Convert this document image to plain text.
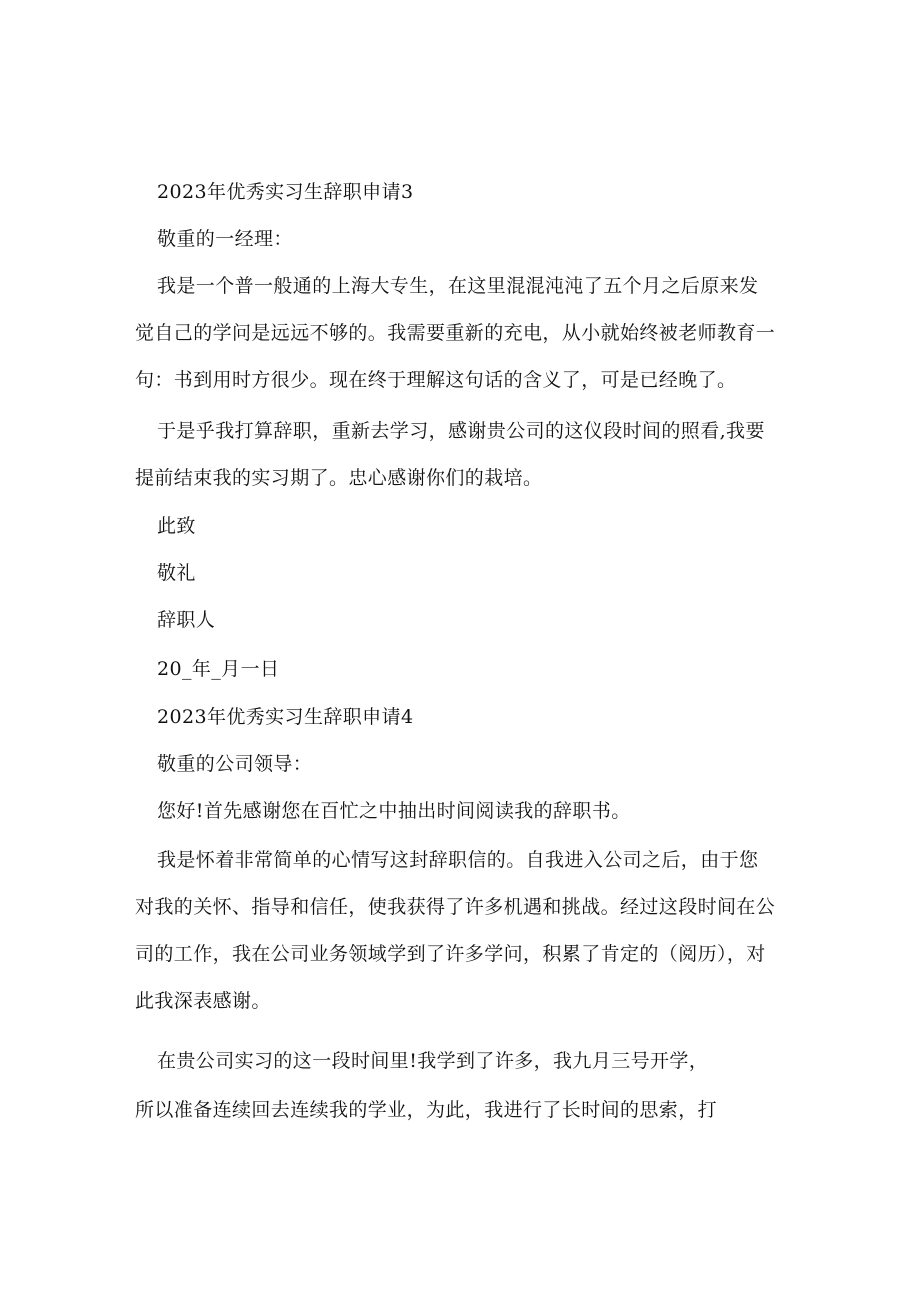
2023年优秀实习生辞职申请3
敬重的一经理：
我是一个普一般通的上海大专生，在这里混混沌沌了五个月之后原来发
觉自己的学问是远远不够的。我需要重新的充电，从小就始终被老师教育一
句：书到用时方很少。现在终于理解这句话的含义了，可是已经晚了。
于是乎我打算辞职，重新去学习，感谢贵公司的这仪段时间的照看,我要
提前结束我的实习期了。忠心感谢你们的栽培。
此致
敬礼
辞职人
20_年_月一日
2023年优秀实习生辞职申请4
敬重的公司领导：
您好!首先感谢您在百忙之中抽出时间阅读我的辞职书。
我是怀着非常简单的心情写这封辞职信的。自我进入公司之后，由于您
对我的关怀、指导和信任，使我获得了许多机遇和挑战。经过这段时间在公
司的工作，我在公司业务领域学到了许多学问，积累了肯定的（阅历），对
此我深表感谢。
在贵公司实习的这一段时间里!我学到了许多，我九月三号开学，
所以准备连续回去连续我的学业，为此，我进行了长时间的思索，打
